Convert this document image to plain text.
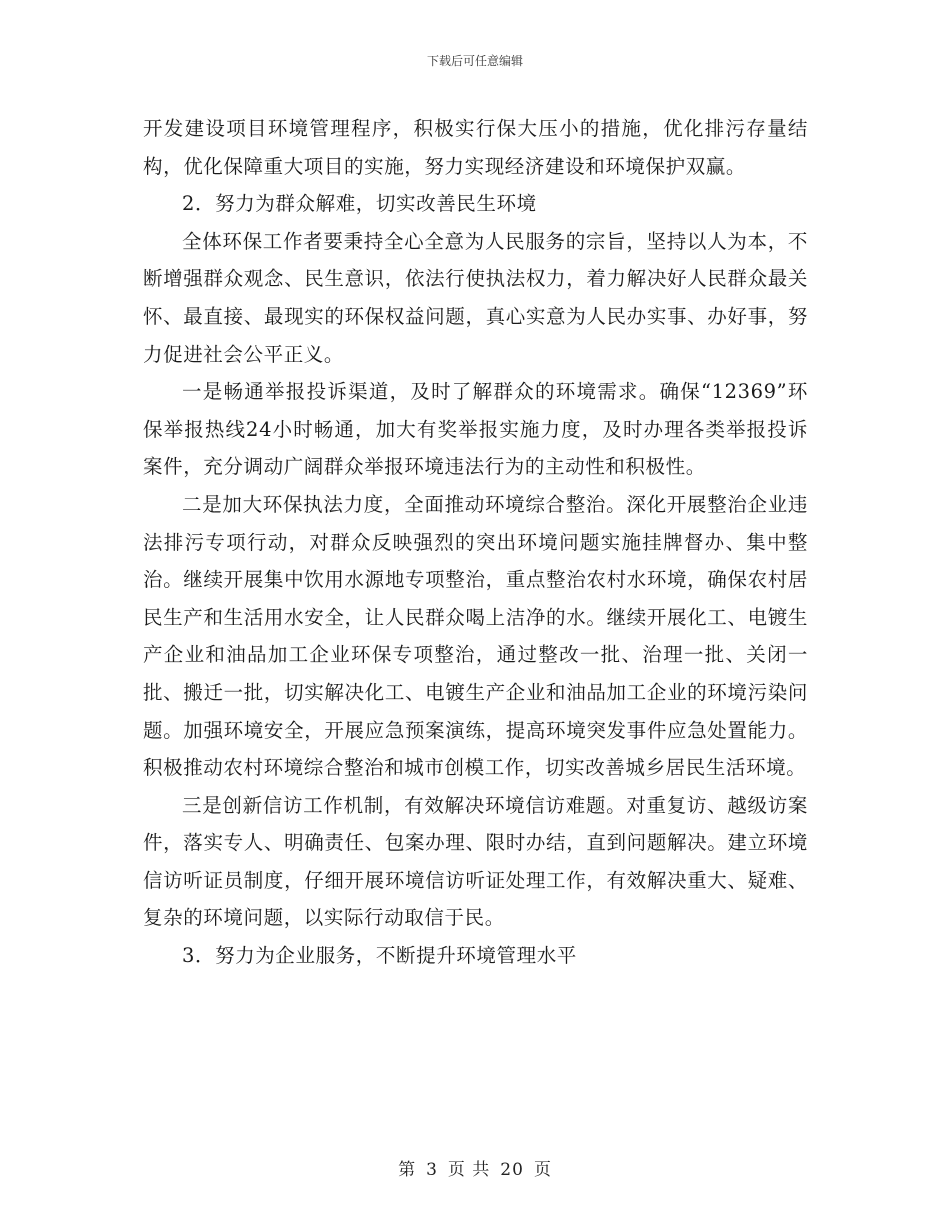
下载后可任意编辑

开发建设项目环境管理程序，积极实行保大压小的措施，优化排污存量结构，优化保障重大项目的实施，努力实现经济建设和环境保护双赢。

2．努力为群众解难，切实改善民生环境

全体环保工作者要秉持全心全意为人民服务的宗旨，坚持以人为本，不断增强群众观念、民生意识，依法行使执法权力，着力解决好人民群众最关怀、最直接、最现实的环保权益问题，真心实意为人民办实事、办好事，努力促进社会公平正义。

一是畅通举报投诉渠道，及时了解群众的环境需求。确保“12369”环保举报热线24小时畅通，加大有奖举报实施力度，及时办理各类举报投诉案件，充分调动广阔群众举报环境违法行为的主动性和积极性。

二是加大环保执法力度，全面推动环境综合整治。深化开展整治企业违法排污专项行动，对群众反映强烈的突出环境问题实施挂牌督办、集中整治。继续开展集中饮用水源地专项整治，重点整治农村水环境，确保农村居民生产和生活用水安全，让人民群众喝上洁净的水。继续开展化工、电镀生产企业和油品加工企业环保专项整治，通过整改一批、治理一批、关闭一批、搬迁一批，切实解决化工、电镀生产企业和油品加工企业的环境污染问题。加强环境安全，开展应急预案演练，提高环境突发事件应急处置能力。积极推动农村环境综合整治和城市创模工作，切实改善城乡居民生活环境。

三是创新信访工作机制，有效解决环境信访难题。对重复访、越级访案件，落实专人、明确责任、包案办理、限时办结，直到问题解决。建立环境信访听证员制度，仔细开展环境信访听证处理工作，有效解决重大、疑难、复杂的环境问题，以实际行动取信于民。

3．努力为企业服务，不断提升环境管理水平

第 3 页 共 20 页
